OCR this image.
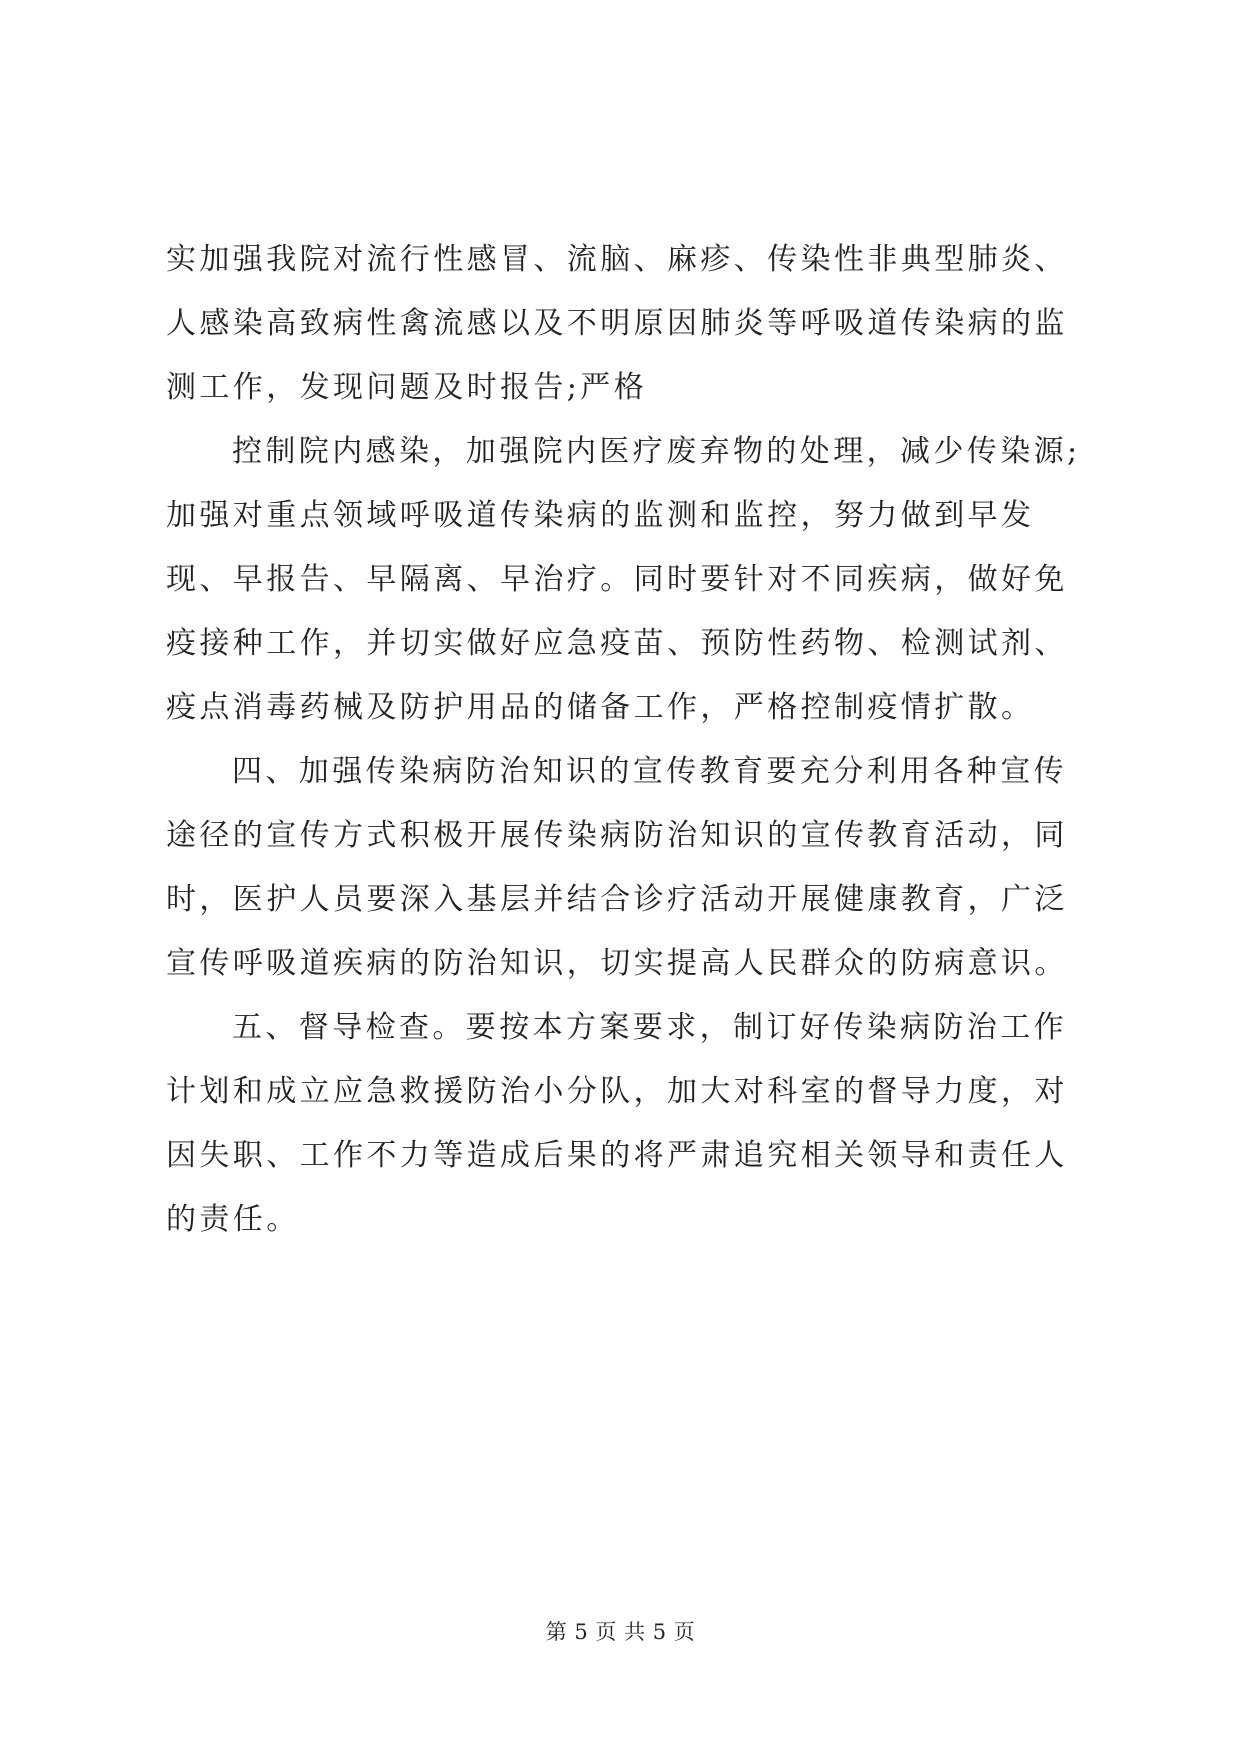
实加强我院对流行性感冒、流脑、麻疹、传染性非典型肺炎、人感染高致病性禽流感以及不明原因肺炎等呼吸道传染病的监测工作，发现问题及时报告;严格

控制院内感染，加强院内医疗废弃物的处理，减少传染源;加强对重点领域呼吸道传染病的监测和监控，努力做到早发现、早报告、早隔离、早治疗。同时要针对不同疾病，做好免疫接种工作，并切实做好应急疫苗、预防性药物、检测试剂、疫点消毒药械及防护用品的储备工作，严格控制疫情扩散。

四、加强传染病防治知识的宣传教育要充分利用各种宣传途径的宣传方式积极开展传染病防治知识的宣传教育活动，同时，医护人员要深入基层并结合诊疗活动开展健康教育，广泛宣传呼吸道疾病的防治知识，切实提高人民群众的防病意识。

五、督导检查。要按本方案要求，制订好传染病防治工作计划和成立应急救援防治小分队，加大对科室的督导力度，对因失职、工作不力等造成后果的将严肃追究相关领导和责任人的责任。

第 5 页 共 5 页
